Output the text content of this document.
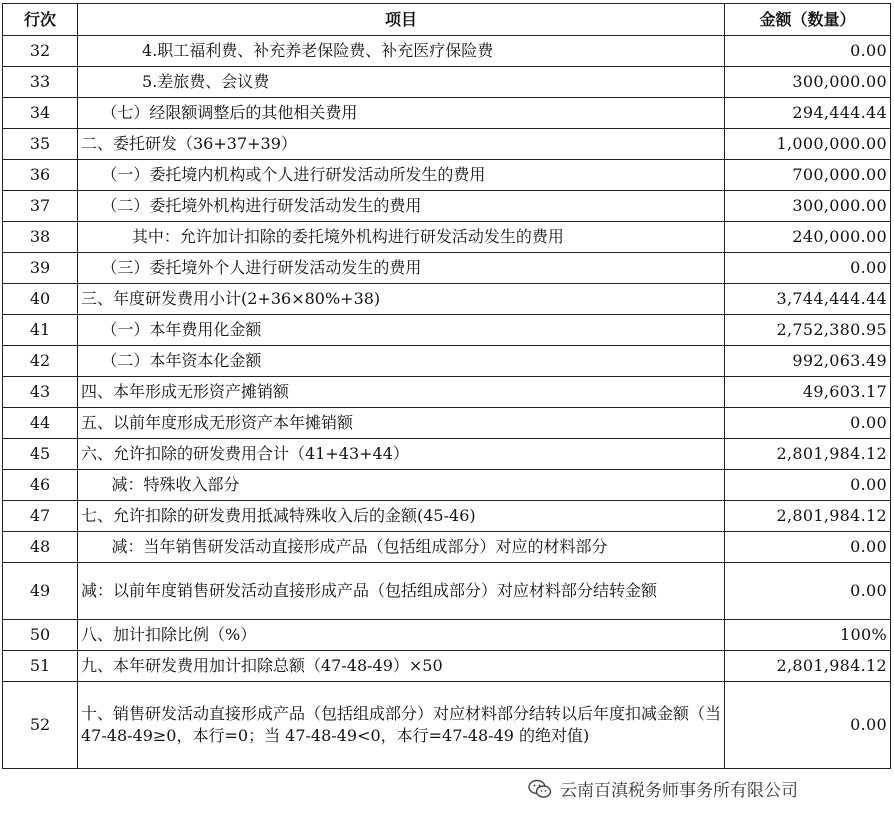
行次	项目	金额（数量）
32	4.职工福利费、补充养老保险费、补充医疗保险费	0.00
33	5.差旅费、会议费	300,000.00
34	（七）经限额调整后的其他相关费用	294,444.44
35	二、委托研发（36+37+39）	1,000,000.00
36	（一）委托境内机构或个人进行研发活动所发生的费用	700,000.00
37	（二）委托境外机构进行研发活动发生的费用	300,000.00
38	其中：允许加计扣除的委托境外机构进行研发活动发生的费用	240,000.00
39	（三）委托境外个人进行研发活动发生的费用	0.00
40	三、年度研发费用小计(2+36×80%+38)	3,744,444.44
41	（一）本年费用化金额	2,752,380.95
42	（二）本年资本化金额	992,063.49
43	四、本年形成无形资产摊销额	49,603.17
44	五、以前年度形成无形资产本年摊销额	0.00
45	六、允许扣除的研发费用合计（41+43+44）	2,801,984.12
46	减：特殊收入部分	0.00
47	七、允许扣除的研发费用抵减特殊收入后的金额(45-46)	2,801,984.12
48	减：当年销售研发活动直接形成产品（包括组成部分）对应的材料部分	0.00
49	减：以前年度销售研发活动直接形成产品（包括组成部分）对应材料部分结转金额	0.00
50	八、加计扣除比例（%）	100%
51	九、本年研发费用加计扣除总额（47-48-49）×50	2,801,984.12
52	十、销售研发活动直接形成产品（包括组成部分）对应材料部分结转以后年度扣减金额（当 47-48-49≥0，本行=0；当 47-48-49<0，本行=47-48-49 的绝对值)	0.00
云南百滇税务师事务所有限公司
